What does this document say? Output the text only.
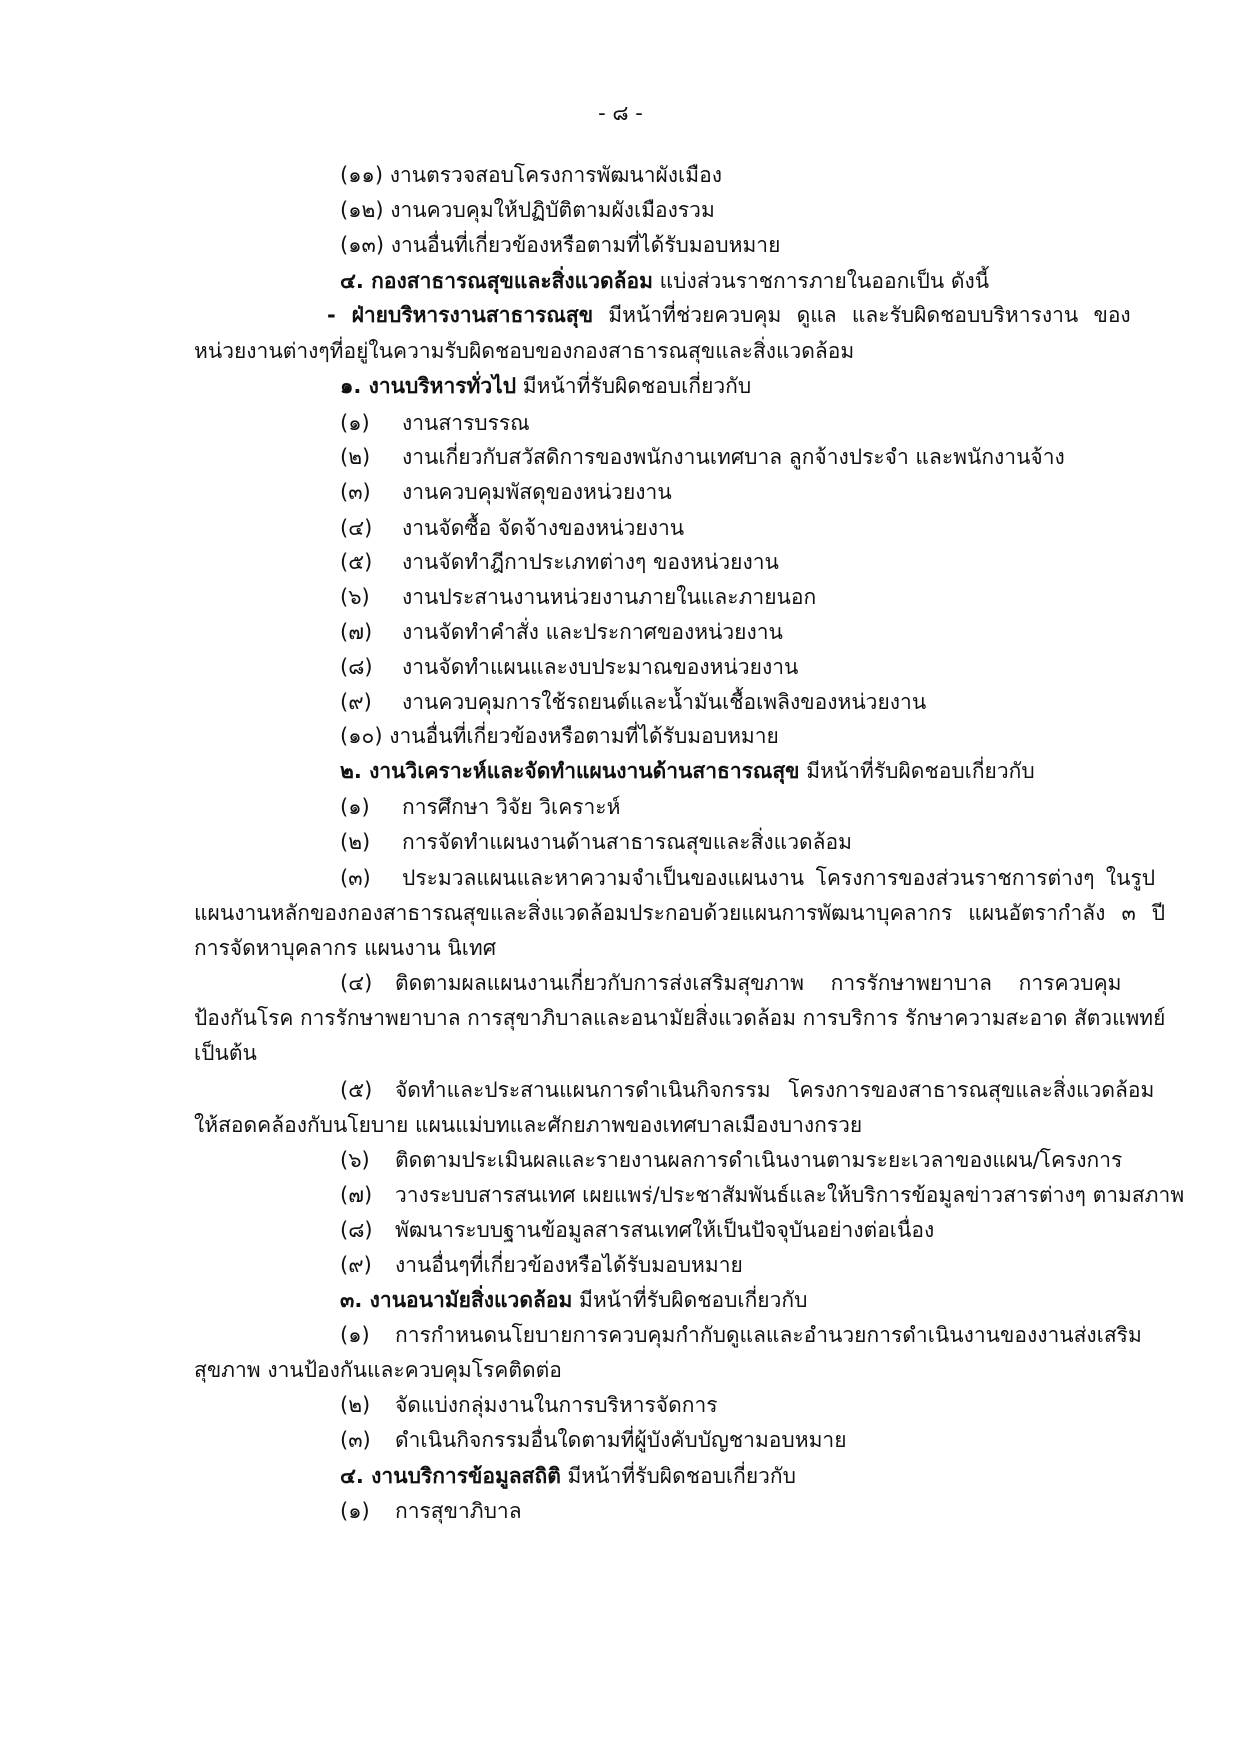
- ๘ -
(๑๑) งานตรวจสอบโครงการพัฒนาผังเมือง
(๑๒) งานควบคุมให้ปฏิบัติตามผังเมืองรวม
(๑๓) งานอื่นที่เกี่ยวข้องหรือตามที่ได้รับมอบหมาย
๔. กองสาธารณสุขและสิ่งแวดล้อม แบ่งส่วนราชการภายในออกเป็น ดังนี้
- ฝ่ายบริหารงานสาธารณสุข มีหน้าที่ช่วยควบคุม ดูแล และรับผิดชอบบริหารงาน ของ
หน่วยงานต่างๆที่อยู่ในความรับผิดชอบของกองสาธารณสุขและสิ่งแวดล้อม
๑. งานบริหารทั่วไป มีหน้าที่รับผิดชอบเกี่ยวกับ
(๑) งานสารบรรณ
(๒) งานเกี่ยวกับสวัสดิการของพนักงานเทศบาล ลูกจ้างประจำ และพนักงานจ้าง
(๓) งานควบคุมพัสดุของหน่วยงาน
(๔) งานจัดซื้อ จัดจ้างของหน่วยงาน
(๕) งานจัดทำฎีกาประเภทต่างๆ ของหน่วยงาน
(๖) งานประสานงานหน่วยงานภายในและภายนอก
(๗) งานจัดทำคำสั่ง และประกาศของหน่วยงาน
(๘) งานจัดทำแผนและงบประมาณของหน่วยงาน
(๙) งานควบคุมการใช้รถยนต์และน้ำมันเชื้อเพลิงของหน่วยงาน
(๑๐) งานอื่นที่เกี่ยวข้องหรือตามที่ได้รับมอบหมาย
๒. งานวิเคราะห์และจัดทำแผนงานด้านสาธารณสุข มีหน้าที่รับผิดชอบเกี่ยวกับ
(๑) การศึกษา วิจัย วิเคราะห์
(๒) การจัดทำแผนงานด้านสาธารณสุขและสิ่งแวดล้อม
(๓) ประมวลแผนและหาความจำเป็นของแผนงาน โครงการของส่วนราชการต่างๆ ในรูป
แผนงานหลักของกองสาธารณสุขและสิ่งแวดล้อมประกอบด้วยแผนการพัฒนาบุคลากร แผนอัตรากำลัง ๓ ปี
การจัดหาบุคลากร แผนงาน นิเทศ
(๔) ติดตามผลแผนงานเกี่ยวกับการส่งเสริมสุขภาพ การรักษาพยาบาล การควบคุม
ป้องกันโรค การรักษาพยาบาล การสุขาภิบาลและอนามัยสิ่งแวดล้อม การบริการ รักษาความสะอาด สัตวแพทย์
เป็นต้น
(๕) จัดทำและประสานแผนการดำเนินกิจกรรม โครงการของสาธารณสุขและสิ่งแวดล้อม
ให้สอดคล้องกับนโยบาย แผนแม่บทและศักยภาพของเทศบาลเมืองบางกรวย
(๖) ติดตามประเมินผลและรายงานผลการดำเนินงานตามระยะเวลาของแผน/โครงการ
(๗) วางระบบสารสนเทศ เผยแพร่/ประชาสัมพันธ์และให้บริการข้อมูลข่าวสารต่างๆ ตามสภาพ
(๘) พัฒนาระบบฐานข้อมูลสารสนเทศให้เป็นปัจจุบันอย่างต่อเนื่อง
(๙) งานอื่นๆที่เกี่ยวข้องหรือได้รับมอบหมาย
๓. งานอนามัยสิ่งแวดล้อม มีหน้าที่รับผิดชอบเกี่ยวกับ
(๑) การกำหนดนโยบายการควบคุมกำกับดูแลและอำนวยการดำเนินงานของงานส่งเสริม
สุขภาพ งานป้องกันและควบคุมโรคติดต่อ
(๒) จัดแบ่งกลุ่มงานในการบริหารจัดการ
(๓) ดำเนินกิจกรรมอื่นใดตามที่ผู้บังคับบัญชามอบหมาย
๔. งานบริการข้อมูลสถิติ มีหน้าที่รับผิดชอบเกี่ยวกับ
(๑) การสุขาภิบาล
